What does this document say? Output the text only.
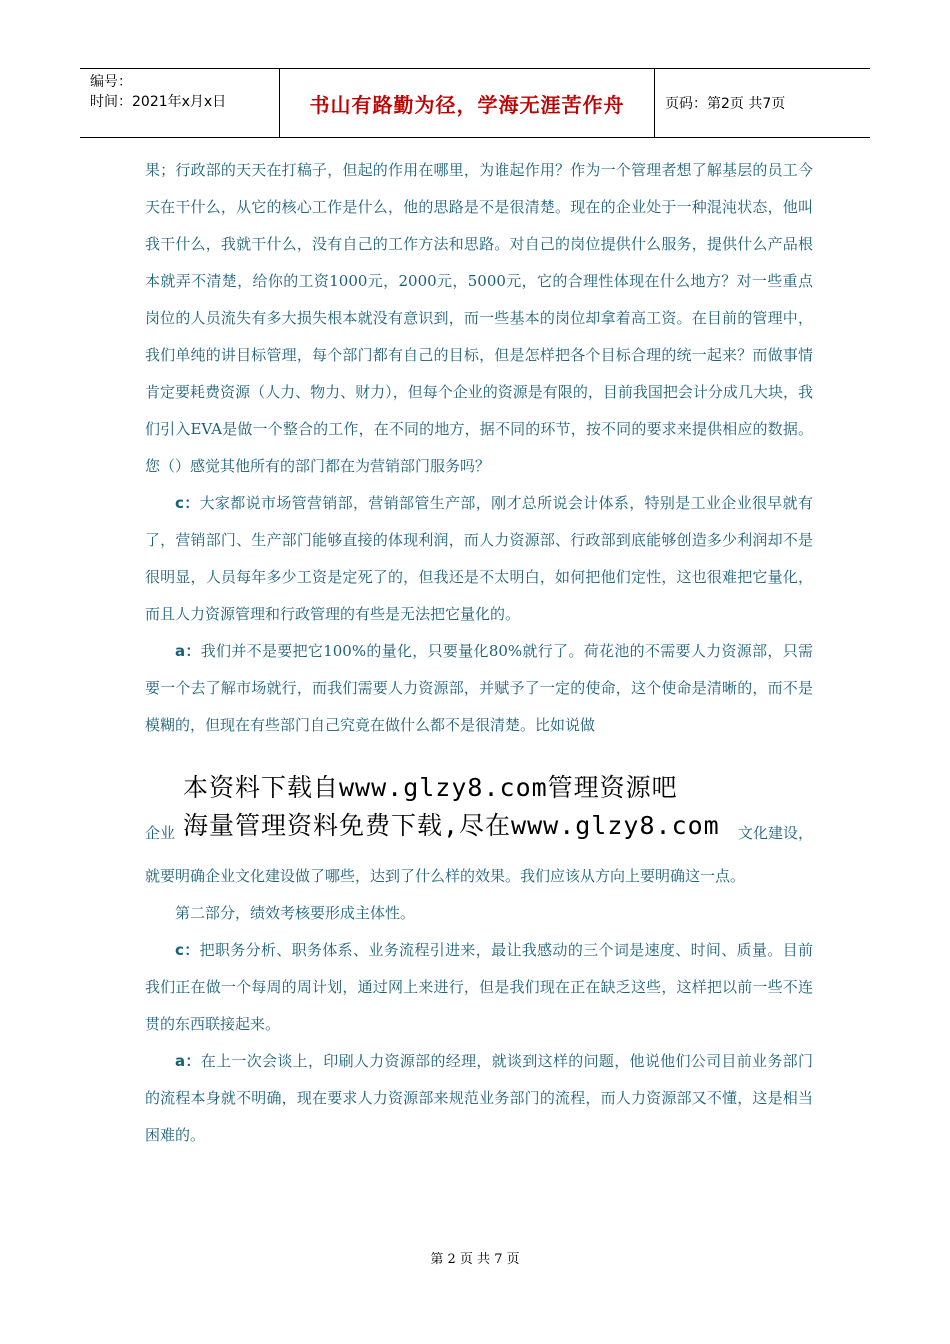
编号：
时间：2021年x月x日	书山有路勤为径，学海无涯苦作舟	页码：第2页 共7页

果；行政部的天天在打稿子，但起的作用在哪里，为谁起作用？作为一个管理者想了解基层的员工今天在干什么，从它的核心工作是什么，他的思路是不是很清楚。现在的企业处于一种混沌状态，他叫我干什么，我就干什么，没有自己的工作方法和思路。对自己的岗位提供什么服务，提供什么产品根本就弄不清楚，给你的工资1000元，2000元，5000元，它的合理性体现在什么地方？对一些重点岗位的人员流失有多大损失根本就没有意识到，而一些基本的岗位却拿着高工资。在目前的管理中，我们单纯的讲目标管理，每个部门都有自己的目标，但是怎样把各个目标合理的统一起来？而做事情肯定要耗费资源（人力、物力、财力），但每个企业的资源是有限的，目前我国把会计分成几大块，我们引入EVA是做一个整合的工作，在不同的地方，据不同的环节，按不同的要求来提供相应的数据。您（）感觉其他所有的部门都在为营销部门服务吗？

c：大家都说市场管营销部，营销部管生产部，刚才总所说会计体系，特别是工业企业很早就有了，营销部门、生产部门能够直接的体现利润，而人力资源部、行政部到底能够创造多少利润却不是很明显，人员每年多少工资是定死了的，但我还是不太明白，如何把他们定性，这也很难把它量化，而且人力资源管理和行政管理的有些是无法把它量化的。

a：我们并不是要把它100%的量化，只要量化80%就行了。荷花池的不需要人力资源部，只需要一个去了解市场就行，而我们需要人力资源部，并赋予了一定的使命，这个使命是清晰的，而不是模糊的，但现在有些部门自己究竟在做什么都不是很清楚。比如说做

本资料下载自www.glzy8.com管理资源吧
海量管理资料免费下载,尽在www.glzy8.com
企业	文化建设，

就要明确企业文化建设做了哪些，达到了什么样的效果。我们应该从方向上要明确这一点。

第二部分，绩效考核要形成主体性。

c：把职务分析、职务体系、业务流程引进来，最让我感动的三个词是速度、时间、质量。目前我们正在做一个每周的周计划，通过网上来进行，但是我们现在正在缺乏这些，这样把以前一些不连贯的东西联接起来。

a：在上一次会谈上，印刷人力资源部的经理，就谈到这样的问题，他说他们公司目前业务部门的流程本身就不明确，现在要求人力资源部来规范业务部门的流程，而人力资源部又不懂，这是相当困难的。

第 2 页 共 7 页
